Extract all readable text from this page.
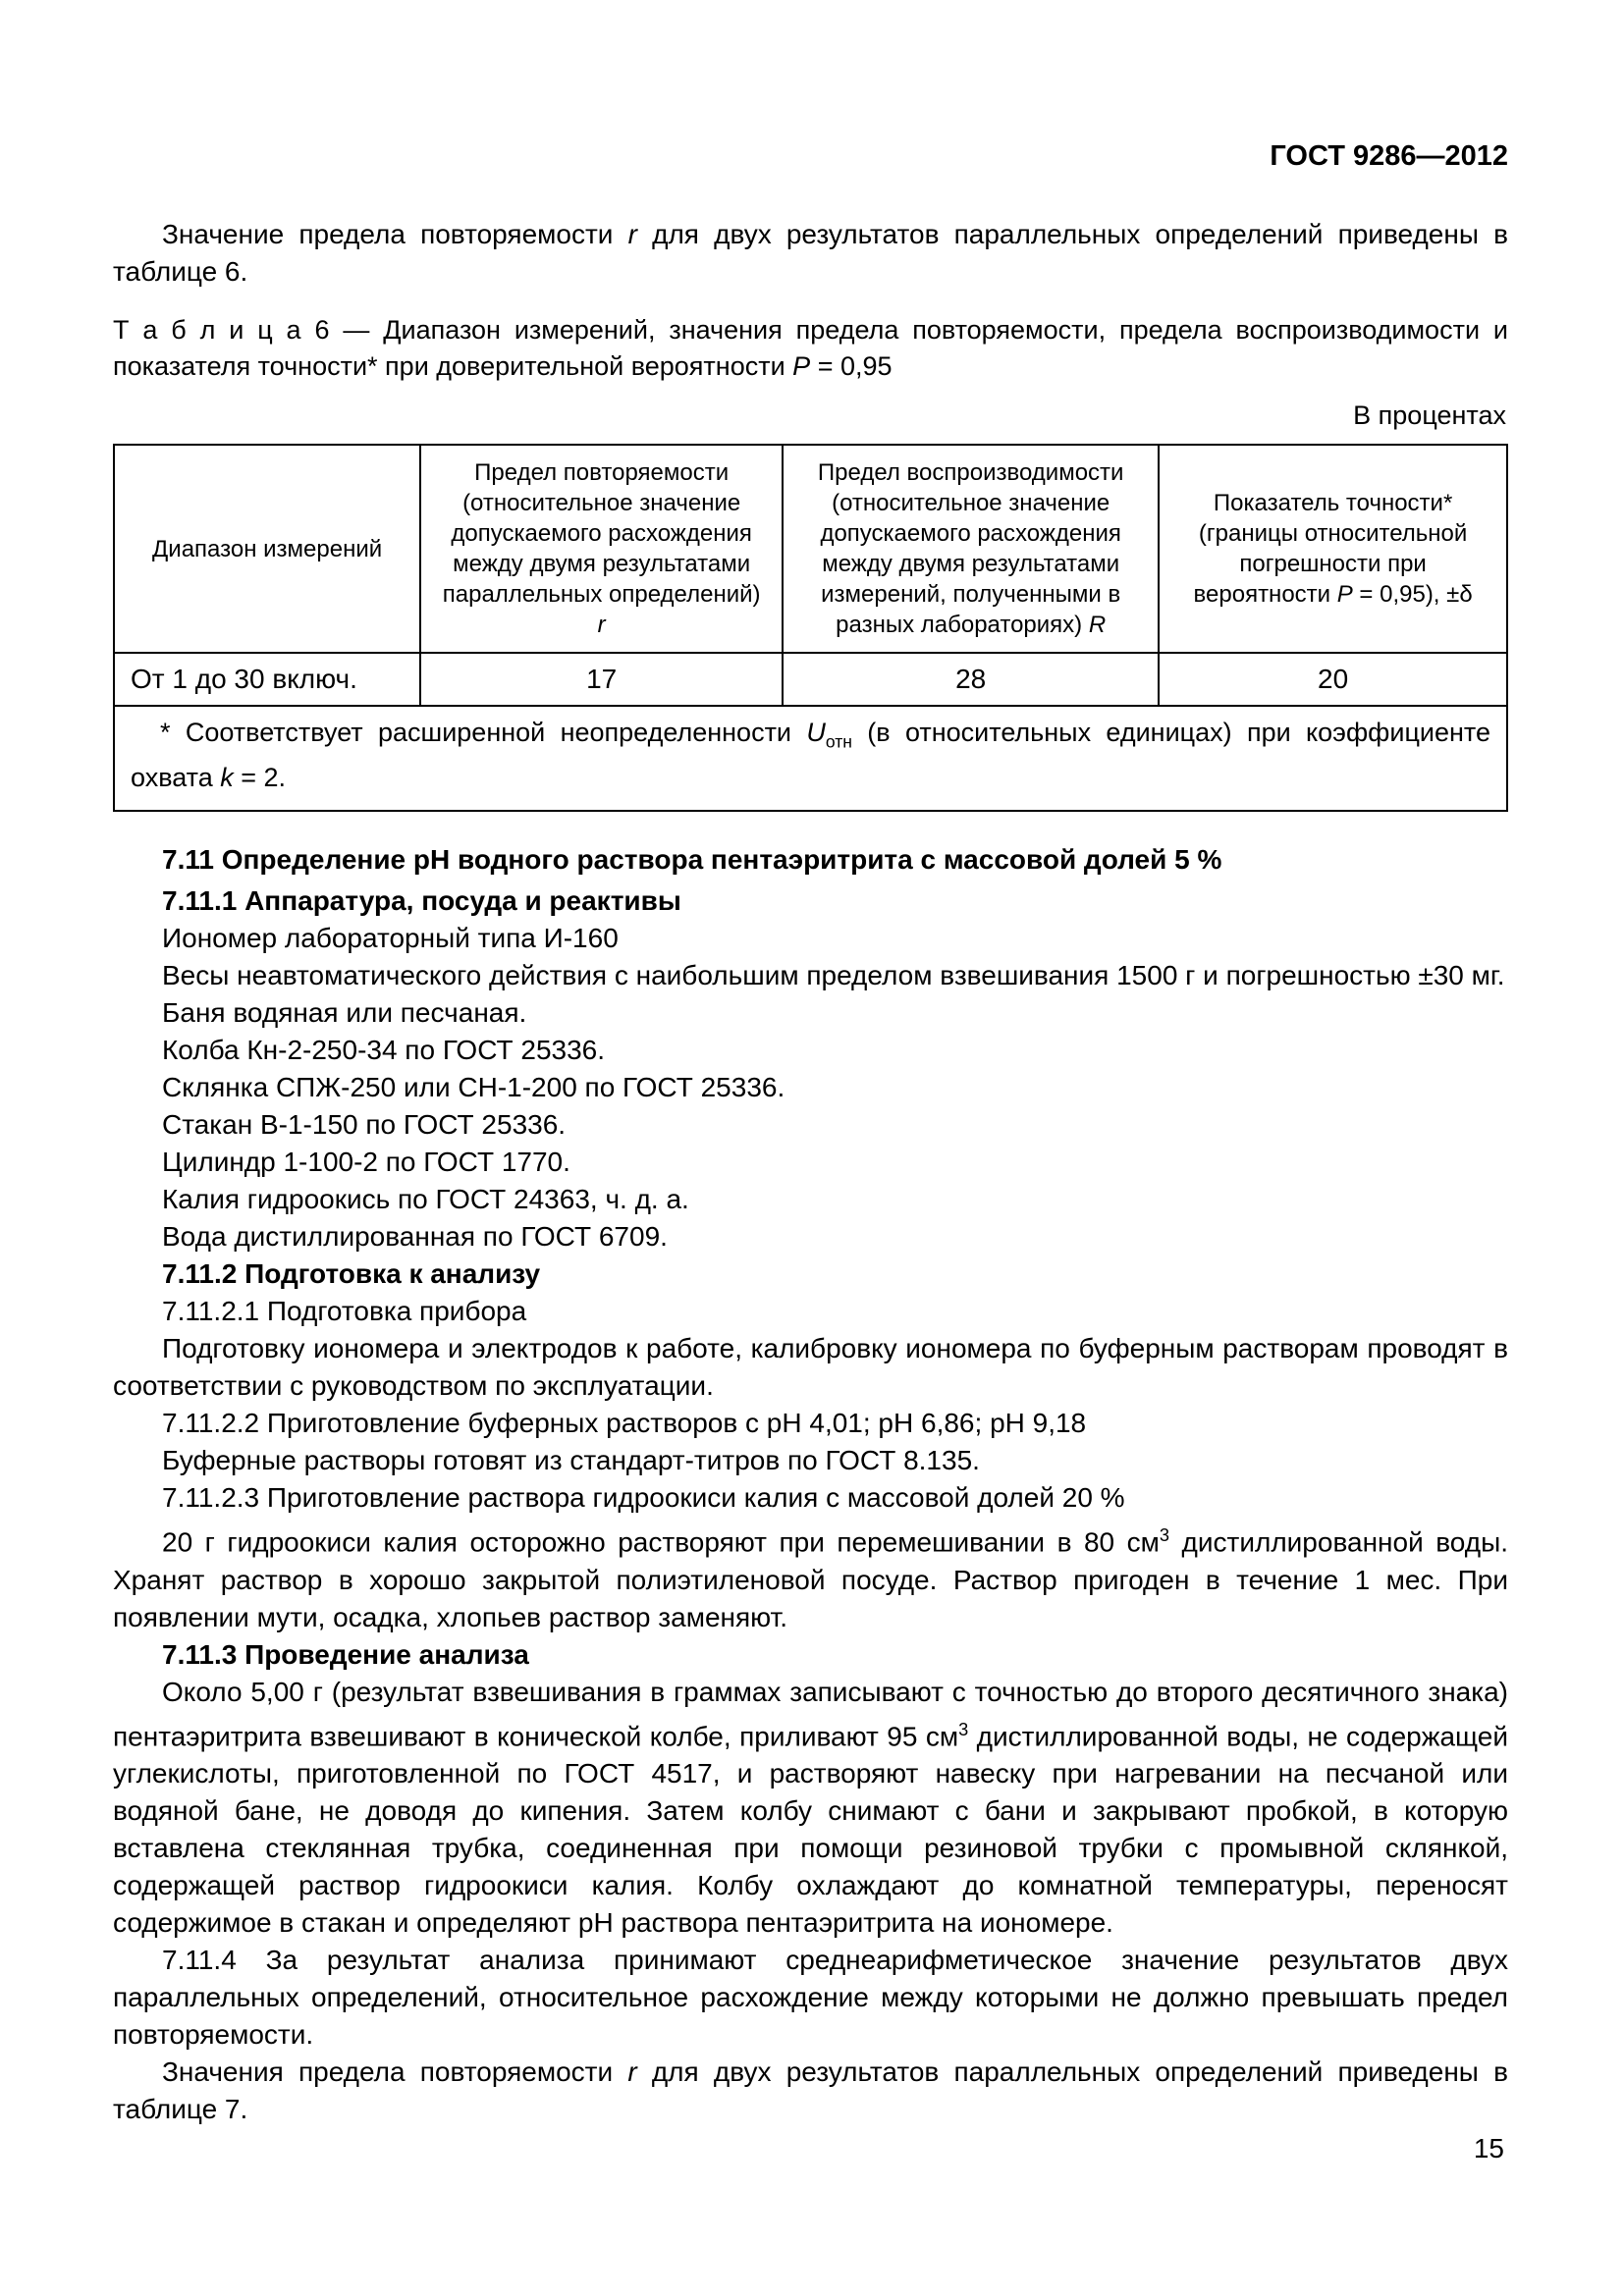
ГОСТ 9286—2012

Значение предела повторяемости r для двух результатов параллельных определений приведены в таблице 6.

Т а б л и ц а 6 — Диапазон измерений, значения предела повторяемости, предела воспроизводимости и показателя точности* при доверительной вероятности P = 0,95

В процентах
Диапазон измерений	Предел повторяемости (относительное значение допускаемого расхождения между двумя результатами параллельных определений) r	Предел воспроизводимости (относительное значение допускаемого расхождения между двумя результатами измерений, полученными в разных лабораториях) R	Показатель точности* (границы относительной погрешности при вероятности P = 0,95), ±δ
От 1 до 30 включ.	17	28	20

* Соответствует расширенной неопределенности $U_{отн}$ (в относительных единицах) при коэффициенте охвата k = 2.			

7.11 Определение рН водного раствора пентаэритрита с массовой долей 5 %

7.11.1 Аппаратура, посуда и реактивы

Иономер лабораторный типа И-160

Весы неавтоматического действия с наибольшим пределом взвешивания 1500 г и погрешностью ±30 мг.

Баня водяная или песчаная.

Колба Кн-2-250-34 по ГОСТ 25336.

Склянка СПЖ-250 или СН-1-200 по ГОСТ 25336.

Стакан В-1-150 по ГОСТ 25336.

Цилиндр 1-100-2 по ГОСТ 1770.

Калия гидроокись по ГОСТ 24363, ч. д. а.

Вода дистиллированная по ГОСТ 6709.

7.11.2 Подготовка к анализу

7.11.2.1 Подготовка прибора

Подготовку иономера и электродов к работе, калибровку иономера по буферным растворам проводят в соответствии с руководством по эксплуатации.

7.11.2.2 Приготовление буферных растворов с рН 4,01; рН 6,86; рН 9,18

Буферные растворы готовят из стандарт-титров по ГОСТ 8.135.

7.11.2.3 Приготовление раствора гидроокиси калия с массовой долей 20 %

20 г гидроокиси калия осторожно растворяют при перемешивании в 80 $см^3$ дистиллированной воды. Хранят раствор в хорошо закрытой полиэтиленовой посуде. Раствор пригоден в течение 1 мес. При появлении мути, осадка, хлопьев раствор заменяют.

7.11.3 Проведение анализа

Около 5,00 г (результат взвешивания в граммах записывают с точностью до второго десятичного знака) пентаэритрита взвешивают в конической колбе, приливают 95 $см^3$ дистиллированной воды, не содержащей углекислоты, приготовленной по ГОСТ 4517, и растворяют навеску при нагревании на песчаной или водяной бане, не доводя до кипения. Затем колбу снимают с бани и закрывают пробкой, в которую вставлена стеклянная трубка, соединенная при помощи резиновой трубки с промывной склянкой, содержащей раствор гидроокиси калия. Колбу охлаждают до комнатной температуры, переносят содержимое в стакан и определяют рН раствора пентаэритрита на иономере.

7.11.4 За результат анализа принимают среднеарифметическое значение результатов двух параллельных определений, относительное расхождение между которыми не должно превышать предел повторяемости.

Значения предела повторяемости r для двух результатов параллельных определений приведены в таблице 7.

15
